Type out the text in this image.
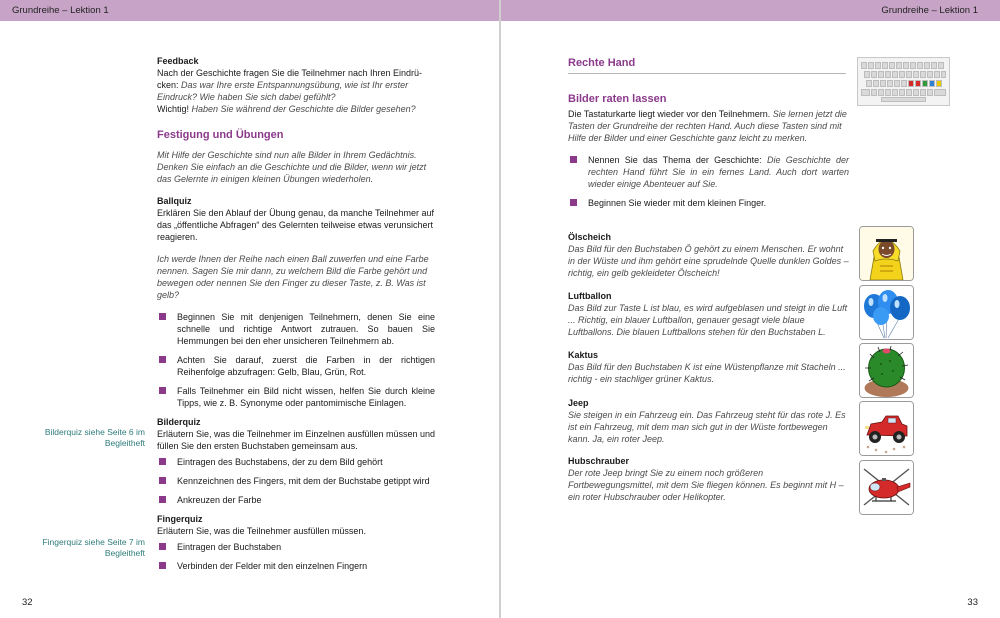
Grundreihe – Lektion 1

Feedback

Nach der Geschichte fragen Sie die Teilnehmer nach Ihren Eindrü-cken: Das war Ihre erste Entspannungsübung, wie ist Ihr erster Eindruck? Wie haben Sie sich dabei gefühlt?
Wichtig! Haben Sie während der Geschichte die Bilder gesehen?

Festigung und Übungen

Mit Hilfe der Geschichte sind nun alle Bilder in Ihrem Gedächtnis. Denken Sie einfach an die Geschichte und die Bilder, wenn wir jetzt das Gelernte in einigen kleinen Übungen wiederholen.

Ballquiz

Erklären Sie den Ablauf der Übung genau, da manche Teilnehmer auf das „öffentliche Abfragen“ des Gelernten teilweise etwas verunsichert reagieren.

Ich werde Ihnen der Reihe nach einen Ball zuwerfen und eine Farbe nennen. Sagen Sie mir dann, zu welchem Bild die Farbe gehört und bewegen oder nennen Sie den Finger zu dieser Taste, z. B. Was ist gelb?

Beginnen Sie mit denjenigen Teilnehmern, denen Sie eine schnelle und richtige Antwort zutrauen. So bauen Sie Hemmungen bei den eher unsicheren Teilnehmern ab.
Achten Sie darauf, zuerst die Farben in der richtigen Reihenfolge abzufragen: Gelb, Blau, Grün, Rot.
Falls Teilnehmer ein Bild nicht wissen, helfen Sie durch kleine Tipps, wie z. B. Synonyme oder pantomimische Einlagen.

Bilderquiz

Erläutern Sie, was die Teilnehmer im Einzelnen ausfüllen müssen und füllen Sie den ersten Buchstaben gemeinsam aus.

Eintragen des Buchstabens, der zu dem Bild gehört
Kennzeichnen des Fingers, mit dem der Buchstabe getippt wird
Ankreuzen der Farbe

Fingerquiz

Erläutern Sie, was die Teilnehmer ausfüllen müssen.

Eintragen der Buchstaben
Verbinden der Felder mit den einzelnen Fingern
Bilderquiz siehe Seite 6 im Begleitheft
Fingerquiz siehe Seite 7 im Begleitheft
32
Grundreihe – Lektion 1
Rechte Hand

Bilder raten lassen

Die Tastaturkarte liegt wieder vor den Teilnehmern. Sie lernen jetzt die Tasten der Grundreihe der rechten Hand. Auch diese Tasten sind mit Hilfe der Bilder und einer Geschichte ganz leicht zu merken.

Nennen Sie das Thema der Geschichte: Die Geschichte der rechten Hand führt Sie in ein fernes Land. Auch dort warten wieder einige Abenteuer auf Sie.
Beginnen Sie wieder mit dem kleinen Finger.

Ölscheich

Das Bild für den Buchstaben Ö gehört zu einem Menschen. Er wohnt in der Wüste und ihm gehört eine sprudelnde Quelle dunklen Goldes – richtig, ein gelb gekleideter Ölscheich!

Luftballon

Das Bild zur Taste L ist blau, es wird aufgeblasen und steigt in die Luft ... Richtig, ein blauer Luftballon, genauer gesagt viele blaue Luftballons. Die blauen Luftballons stehen für den Buchstaben L.

Kaktus

Das Bild für den Buchstaben K ist eine Wüstenpflanze mit Stacheln ... richtig - ein stachliger grüner Kaktus.

Jeep

Sie steigen in ein Fahrzeug ein. Das Fahrzeug steht für das rote J. Es ist ein Fahrzeug, mit dem man sich gut in der Wüste fortbewegen kann. Ja, ein roter Jeep.

Hubschrauber

Der rote Jeep bringt Sie zu einem noch größeren Fortbewegungsmittel, mit dem Sie fliegen können. Es beginnt mit H – ein roter Hubschrauber oder Helikopter.

33
